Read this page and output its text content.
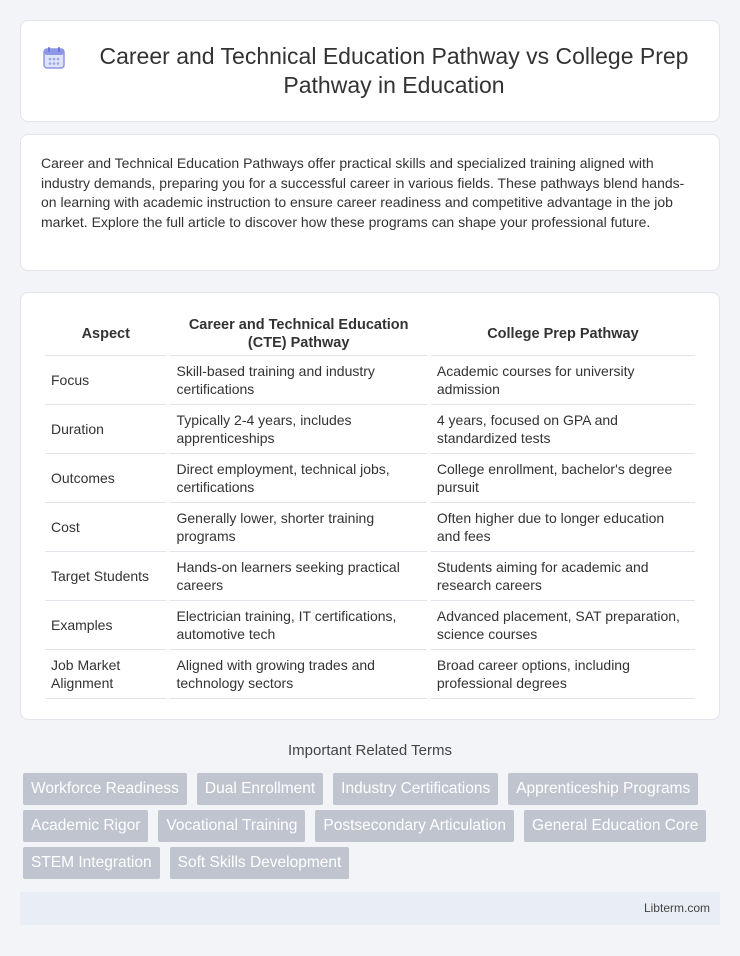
Career and Technical Education Pathway vs College Prep Pathway in Education

Career and Technical Education Pathways offer practical skills and specialized training aligned with industry demands, preparing you for a successful career in various fields. These pathways blend hands-on learning with academic instruction to ensure career readiness and competitive advantage in the job market. Explore the full article to discover how these programs can shape your professional future.

Aspect	Career and Technical Education (CTE) Pathway	College Prep Pathway
Focus	Skill-based training and industry certifications	Academic courses for university admission
Duration	Typically 2-4 years, includes apprenticeships	4 years, focused on GPA and standardized tests
Outcomes	Direct employment, technical jobs, certifications	College enrollment, bachelor's degree pursuit
Cost	Generally lower, shorter training programs	Often higher due to longer education and fees
Target Students	Hands-on learners seeking practical careers	Students aiming for academic and research careers
Examples	Electrician training, IT certifications, automotive tech	Advanced placement, SAT preparation, science courses
Job Market Alignment	Aligned with growing trades and technology sectors	Broad career options, including professional degrees
Important Related Terms
Workforce Readiness	Dual Enrollment	Industry Certifications	Apprenticeship Programs
Academic Rigor	Vocational Training	Postsecondary Articulation	General Education Core
STEM Integration	Soft Skills Development
Libterm.com
